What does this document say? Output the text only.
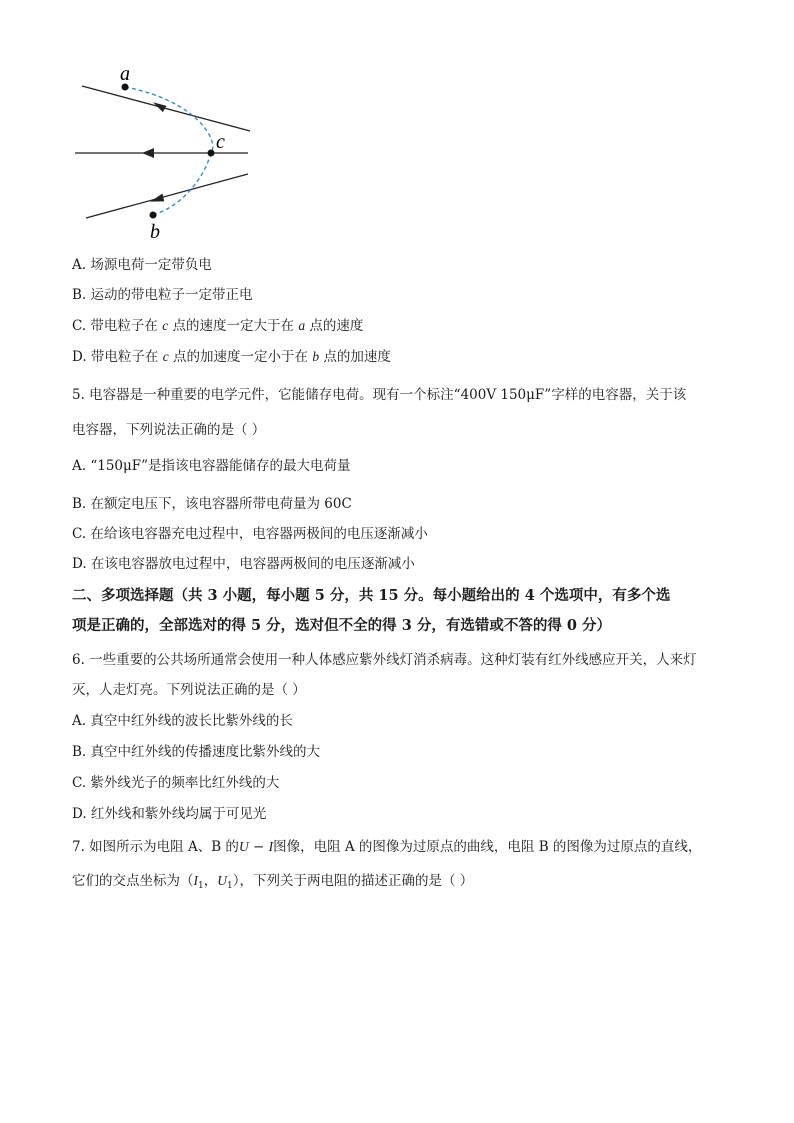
a
c
b
A. 场源电荷一定带负电
B. 运动的带电粒子一定带正电
C. 带电粒子在 c 点的速度一定大于在 a 点的速度
D. 带电粒子在 c 点的加速度一定小于在 b 点的加速度
5. 电容器是一种重要的电学元件，它能储存电荷。现有一个标注“400V 150μF”字样的电容器，关于该
电容器，下列说法正确的是（ ）
A. “150μF”是指该电容器能储存的最大电荷量
B. 在额定电压下，该电容器所带电荷量为 60C
C. 在给该电容器充电过程中，电容器两极间的电压逐渐减小
D. 在该电容器放电过程中，电容器两极间的电压逐渐减小
二、多项选择题（共 3 小题，每小题 5 分，共 15 分。每小题给出的 4 个选项中，有多个选
项是正确的，全部选对的得 5 分，选对但不全的得 3 分，有选错或不答的得 0 分）
6. 一些重要的公共场所通常会使用一种人体感应紫外线灯消杀病毒。这种灯装有红外线感应开关，人来灯
灭，人走灯亮。下列说法正确的是（ ）
A. 真空中红外线的波长比紫外线的长
B. 真空中红外线的传播速度比紫外线的大
C. 紫外线光子的频率比红外线的大
D. 红外线和紫外线均属于可见光
7. 如图所示为电阻 A、B 的U − I图像，电阻 A 的图像为过原点的曲线，电阻 B 的图像为过原点的直线，
它们的交点坐标为（$I_1$，$U_1$），下列关于两电阻的描述正确的是（ ）
